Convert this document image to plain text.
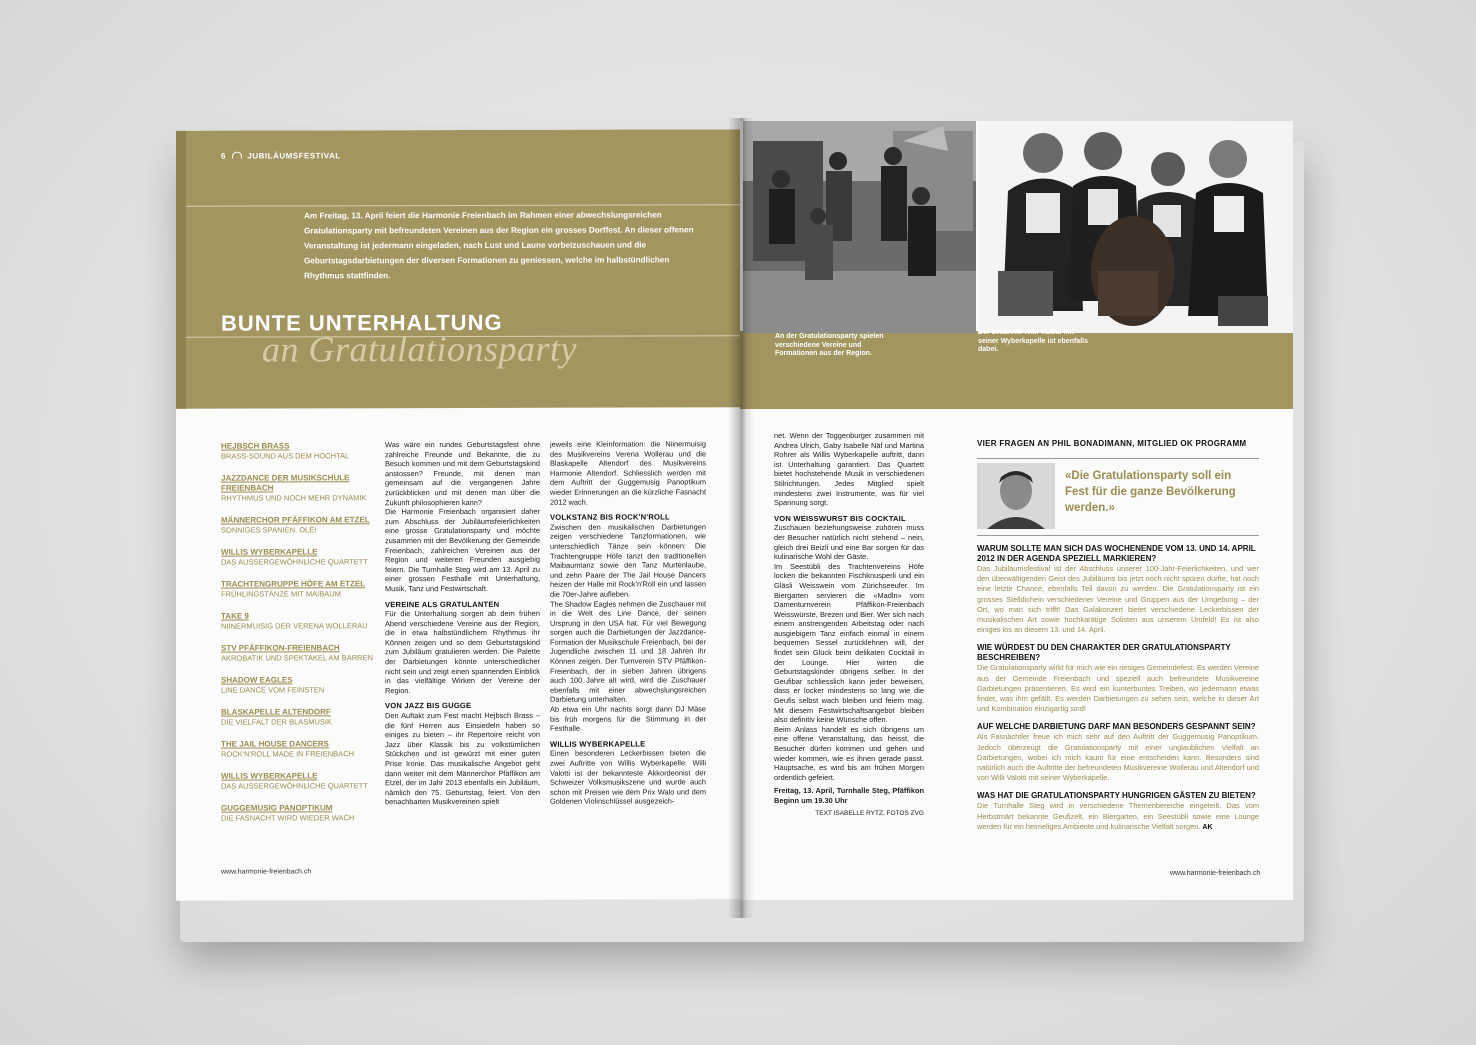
6	JUBILÄUMSFESTIVAL
Am Freitag, 13. April feiert die Harmonie Freienbach im Rahmen einer abwechslungsreichen Gratulationsparty mit befreundeten Vereinen aus der Region ein grosses Dorffest. An dieser offenen Veranstaltung ist jedermann eingeladen, nach Lust und Laune vorbeizuschauen und die Geburtstagsdarbietungen der diversen Formationen zu geniessen, welche im halbstündlichen Rhythmus stattfinden.
BUNTE UNTERHALTUNG
an Gratulationsparty
HEJBSCH BRASS
BRASS-SOUND AUS DEM HOCHTAL
JAZZDANCE DER MUSIKSCHULE FREIENBACH
RHYTHMUS UND NOCH MEHR DYNAMIK
MÄNNERCHOR PFÄFFIKON AM ETZEL
SONNIGES SPANIEN, OLÉ!
WILLIS WYBERKAPELLE
DAS AUSSERGEWÖHNLICHE QUARTETT
TRACHTENGRUPPE HÖFE AM ETZEL
FRÜHLINGSTÄNZE MIT MAIBAUM
TAKE 9
NIINERMUISIG DER VERENA WOLLERAU
STV PFÄFFIKON-FREIENBACH
AKROBATIK UND SPEKTAKEL AM BARREN
SHADOW EAGLES
LINE DANCE VOM FEINSTEN
BLASKAPELLE ALTENDORF
DIE VIELFALT DER BLASMUSIK
THE JAIL HOUSE DANCERS
ROCK'N'ROLL MADE IN FREIENBACH
WILLIS WYBERKAPELLE
DAS AUSSERGEWÖHNLICHE QUARTETT
GUGGEMUSIG PANOPTIKUM
DIE FASNACHT WIRD WIEDER WACH

Was wäre ein rundes Geburtstagsfest ohne zahlreiche Freunde und Bekannte, die zu Besuch kommen und mit dem Geburtstagskind anstossen? Freunde, mit denen man gemeinsam auf die vergangenen Jahre zurückblicken und mit denen man über die Zukunft philosophieren kann?

Die Harmonie Freienbach organisiert daher zum Abschluss der Jubiläumsfeierlichkeiten eine grosse Gratulationsparty und möchte zusammen mit der Bevölkerung der Gemeinde Freienbach, zahlreichen Vereinen aus der Region und weiteren Freunden ausgiebig feiern. Die Turnhalle Steg wird am 13. April zu einer grossen Festhalle mit Unterhaltung, Musik, Tanz und Festwirtschaft.

VEREINE ALS GRATULANTEN

Für die Unterhaltung sorgen ab dem frühen Abend verschiedene Vereine aus der Region, die in etwa halbstündlichem Rhythmus ihr Können zeigen und so dem Geburtstagskind zum Jubiläum gratulieren werden. Die Palette der Darbietungen könnte unterschiedlicher nicht sein und zeigt einen spannenden Einblick in das vielfältige Wirken der Vereine der Region.

VON JAZZ BIS GUGGE

Den Auftakt zum Fest macht Hejbsch Brass – die fünf Herren aus Einsiedeln haben so einiges zu bieten – ihr Repertoire reicht von Jazz über Klassik bis zu volkstümlichen Stückchen und ist gewürzt mit einer guten Prise Ironie. Das musikalische Angebot geht dann weiter mit dem Männerchor Pfäffikon am Etzel, der im Jahr 2013 ebenfalls ein Jubiläum, nämlich den 75. Geburtstag, feiert. Von den benachbarten Musikvereinen spielt

jeweils eine Kleinformation: die Niinermuisig des Musikvereins Verena Wollerau und die Blaskapelle Altendorf des Musikvereins Harmonie Altendorf. Schliesslich werden mit dem Auftritt der Guggemusig Panoptikum wieder Erinnerungen an die kürzliche Fasnacht 2012 wach.

VOLKSTANZ BIS ROCK'N'ROLL

Zwischen den musikalischen Darbietungen zeigen verschiedene Tanzformationen, wie unterschiedlich Tänze sein können: Die Trachtengruppe Höfe tanzt den traditionellen Maibaumtanz sowie den Tanz Murtenlaube, und zehn Paare der The Jail House Dancers heizen der Halle mit Rock'n'Roll ein und lassen die 70er-Jahre aufleben.

The Shadow Eagles nehmen die Zuschauer mit in die Welt des Line Dance, der seinen Ursprung in den USA hat. Für viel Bewegung sorgen auch die Darbietungen der Jazzdance-Formation der Musikschule Freienbach, bei der Jugendliche zwischen 11 und 18 Jahren ihr Können zeigen. Der Turnverein STV Pfäffikon-Freienbach, der in sieben Jahren übrigens auch 100 Jahre alt wird, wird die Zuschauer ebenfalls mit einer abwechslungsreichen Darbietung unterhalten.

Ab etwa ein Uhr nachts sorgt dann DJ Mäse bis früh morgens für die Stimmung in der Festhalle.

WILLIS WYBERKAPELLE

Einen besonderen Leckerbissen bieten die zwei Auftritte von Willis Wyberkapelle. Willi Valotti ist der bekannteste Akkordeonist der Schweizer Volksmusikszene und wurde auch schon mit Preisen wie dem Prix Walo und dem Goldenen Violinschlüssel ausgezeich-

www.harmonie-freienbach.ch
An der Gratulationsparty spielen verschiedene Vereine und Formationen aus der Region.
Der bekannte Willi Valotti mit seiner Wyberkapelle ist ebenfalls dabei.

net. Wenn der Toggenburger zusammen mit Andrea Ulrich, Gaby Isabelle Näf und Martina Rohrer als Willis Wyberkapelle auftritt, dann ist Unterhaltung garantiert. Das Quartett bietet hochstehende Musik in verschiedenen Stilrichtungen. Jedes Mitglied spielt mindestens zwei Instrumente, was für viel Spannung sorgt.

VON WEISSWURST BIS COCKTAIL

Zuschauen beziehungsweise zuhören muss der Besucher natürlich nicht stehend – nein, gleich drei Beizli und eine Bar sorgen für das kulinarische Wohl der Gäste.

Im Seestübli des Trachtenvereins Höfe locken die bekannten Fischknusperli und ein Gläsli Weisswein vom Zürichseeufer. Im Biergarten servieren die «Madln» vom Damenturnverein Pfäffikon-Freienbach Weisswürste, Brezen und Bier. Wer sich nach einem anstrengenden Arbeitstag oder nach ausgiebigem Tanz einfach einmal in einem bequemen Sessel zurücklehnen will, der findet sein Glück beim delikaten Cocktail in der Lounge. Hier wirten die Geburtstagskinder übrigens selber. In der Geufibar schliesslich kann jeder beweisen, dass er locker mindestens so lang wie die Geufis selbst wach bleiben und feiern mag. Mit diesem Festwirtschaftsangebot bleiben also definitiv keine Wünsche offen.

Beim Anlass handelt es sich übrigens um eine offene Veranstaltung, das heisst, die Besucher dürfen kommen und gehen und wieder kommen, wie es ihnen gerade passt. Hauptsache, es wird bis am frühen Morgen ordentlich gefeiert.

Freitag, 13. April, Turnhalle Steg, Pfäffikon Beginn um 19.30 Uhr

TEXT ISABELLE RYTZ, FOTOS ZVG

VIER FRAGEN AN PHIL BONADIMANN, MITGLIED OK PROGRAMM
«Die Gratulationsparty soll ein Fest für die ganze Bevölkerung werden.»
WARUM SOLLTE MAN SICH DAS WOCHENENDE VOM 13. UND 14. APRIL 2012 IN DER AGENDA SPEZIELL MARKIEREN?
Das Jubiläumsfestival ist der Abschluss unserer 100-Jahr-Feierlichkeiten, und wer den überwältigenden Geist des Jubiläums bis jetzt noch nicht spüren durfte, hat noch eine letzte Chance, ebenfalls Teil davon zu werden. Die Gratulationsparty ist ein grosses Stelldichein verschiedener Vereine und Gruppen aus der Umgebung – der Ort, wo man sich trifft! Das Galakonzert bietet verschiedene Leckerbissen der musikalischen Art sowie hochkarätige Solisten aus unserem Umfeld! Es ist also einiges los an diesem 13. und 14. April.
WIE WÜRDEST DU DEN CHARAKTER DER GRATULATIONSPARTY BESCHREIBEN?
Die Gratulationsparty wirkt für mich wie ein riesiges Gemeindefest. Es werden Vereine aus der Gemeinde Freienbach und speziell auch befreundete Musikvereine Darbietungen präsentieren. Es wird ein kunterbuntes Treiben, wo jedermann etwas findet, was ihm gefällt. Es werden Darbietungen zu sehen sein, welche in dieser Art und Kombination einzigartig sind!
AUF WELCHE DARBIETUNG DARF MAN BESONDERS GESPANNT SEIN?
Als Fasnächtler freue ich mich sehr auf den Auftritt der Guggemusig Panoptikum. Jedoch überzeugt die Gratulationsparty mit einer unglaublichen Vielfalt an Darbietungen, wobei ich mich kaum für eine entscheiden kann. Besonders sind natürlich auch die Auftritte der befreundeten Musikvereine Wollerau und Altendorf und von Willi Valotti mit seiner Wyberkapelle.
WAS HAT DIE GRATULATIONSPARTY HUNGRIGEN GÄSTEN ZU BIETEN?
Die Turnhalle Steg wird in verschiedene Themenbereiche eingeteilt. Das vom Herbstmärt bekannte Geufizelt, ein Biergarten, ein Seestübli sowie eine Lounge werden für ein heimeliges Ambiente und kulinarische Vielfalt sorgen. AK
www.harmonie-freienbach.ch
